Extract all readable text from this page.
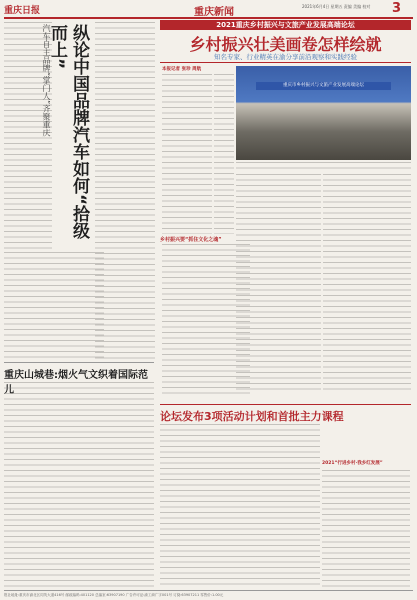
重庆日报	重庆新闻
2021年6月4日 星期五 责编 美编 校对 3
纵论中国品牌汽车如何“拾级而上”
汽车自主品牌“掌门人”齐聚重庆
重庆山城巷:烟火气文织着国际范儿
2021重庆乡村振兴与文旅产业发展高端论坛
乡村振兴壮美画卷怎样绘就
知名专家、行业精英在渝分享前沿观察和实践经验
本报记者 张珍 周航
重庆市乡村振兴与文旅产业发展高端论坛
乡村振兴要“抓住文化之魂”
论坛发布3项活动计划和首批主力课程
2021“行进乡村·我乡红发展”
报社地址:重庆市渝北区同茂大道416号 邮政编码:401120 总编室:63907190 广告许可证:渝工商广字001号 订阅:63907211 零售价:1.00元
